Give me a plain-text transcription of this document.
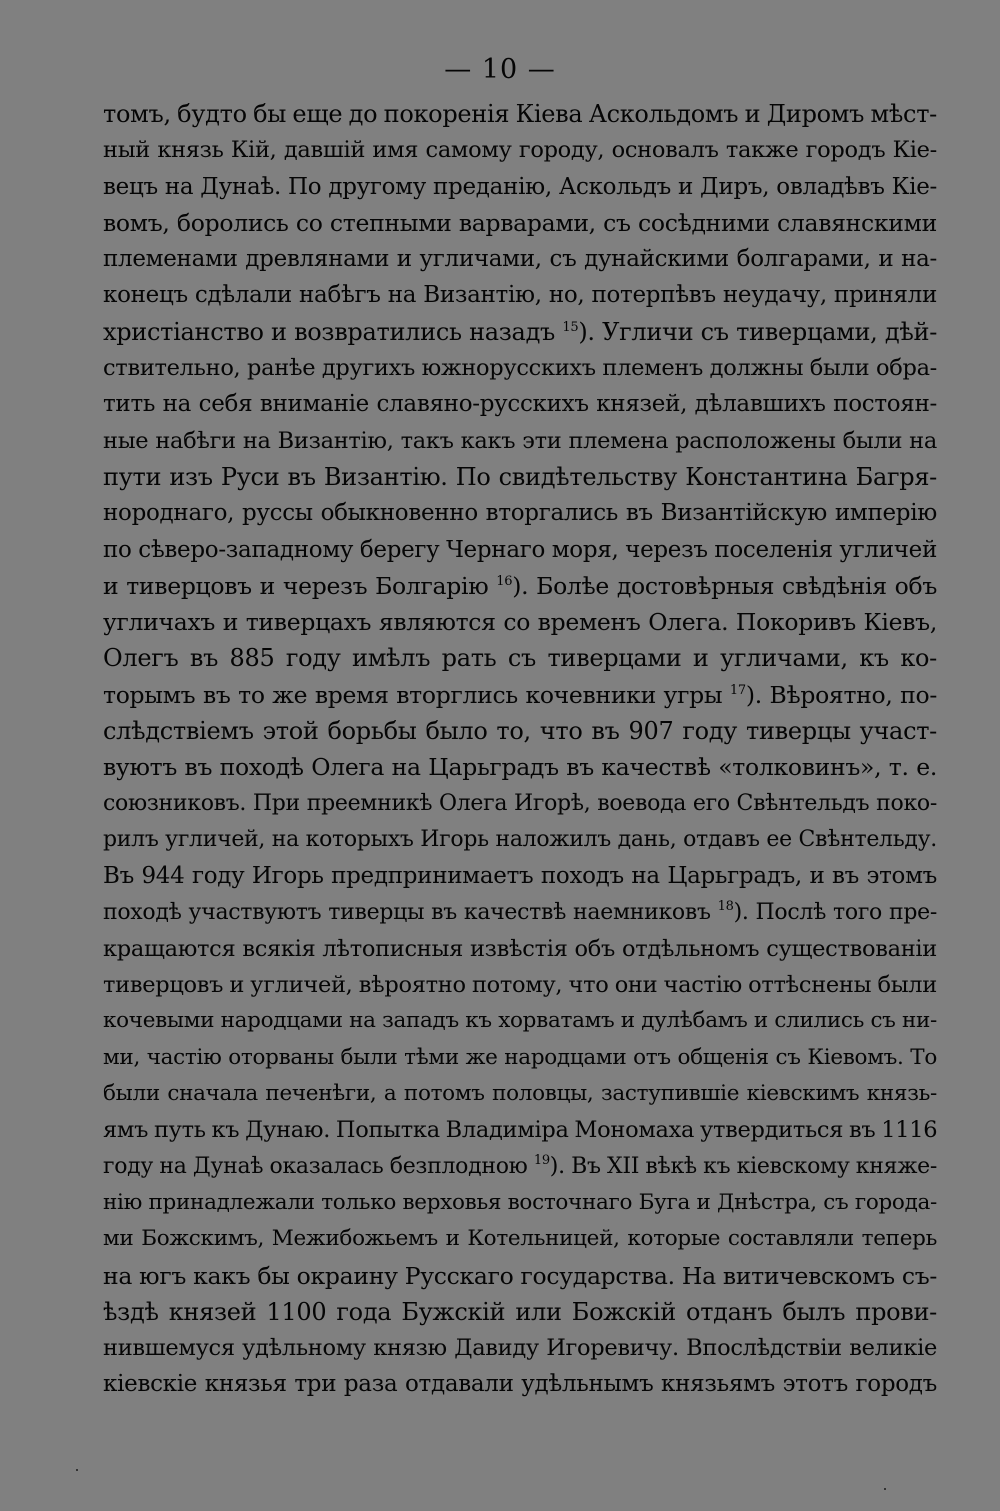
— 10 —
томъ, будто бы еще до покоренія Кіева Аскольдомъ и Диромъ мѣст-
ный князь Кій, давшій имя самому городу, основалъ также городъ Кіе-
вецъ на Дунаѣ. По другому преданію, Аскольдъ и Диръ, овладѣвъ Кіе-
вомъ, боролись со степными варварами, съ сосѣдними славянскими
племенами древлянами и угличами, съ дунайскими болгарами, и на-
конецъ сдѣлали набѣгъ на Византію, но, потерпѣвъ неудачу, приняли
христіанство и возвратились назадъ $^{15}$). Угличи съ тиверцами, дѣй-
ствительно, ранѣе другихъ южнорусскихъ племенъ должны были обра-
тить на себя вниманіе славяно-русскихъ князей, дѣлавшихъ постоян-
ные набѣги на Византію, такъ какъ эти племена расположены были на
пути изъ Руси въ Византію. По свидѣтельству Константина Багря-
нороднаго, руссы обыкновенно вторгались въ Византійскую имперію
по сѣверо-западному берегу Чернаго моря, черезъ поселенія угличей
и тиверцовъ и черезъ Болгарію $^{16}$). Болѣе достовѣрныя свѣдѣнія объ
угличахъ и тиверцахъ являются со временъ Олега. Покоривъ Кіевъ,
Олегъ въ 885 году имѣлъ рать съ тиверцами и угличами, къ ко-
торымъ въ то же время вторглись кочевники угры $^{17}$). Вѣроятно, по-
слѣдствіемъ этой борьбы было то, что въ 907 году тиверцы участ-
вуютъ въ походѣ Олега на Царьградъ въ качествѣ «толковинъ», т. е.
союзниковъ. При преемникѣ Олега Игорѣ, воевода его Свѣнтельдъ поко-
рилъ угличей, на которыхъ Игорь наложилъ дань, отдавъ ее Свѣнтельду.
Въ 944 году Игорь предпринимаетъ походъ на Царьградъ, и въ этомъ
походѣ участвуютъ тиверцы въ качествѣ наемниковъ $^{18}$). Послѣ того пре-
кращаются всякія лѣтописныя извѣстія объ отдѣльномъ существованіи
тиверцовъ и угличей, вѣроятно потому, что они частію оттѣснены были
кочевыми народцами на западъ къ хорватамъ и дулѣбамъ и слились съ ни-
ми, частію оторваны были тѣми же народцами отъ общенія съ Кіевомъ. То
были сначала печенѣги, а потомъ половцы, заступившіе кіевскимъ князь-
ямъ путь къ Дунаю. Попытка Владиміра Мономаха утвердиться въ 1116
году на Дунаѣ оказалась безплодною $^{19}$). Въ XII вѣкѣ къ кіевскому княже-
нію принадлежали только верховья восточнаго Буга и Днѣстра, съ города-
ми Божскимъ, Межибожьемъ и Котельницей, которые составляли теперь
на югъ какъ бы окраину Русскаго государства. На витичевскомъ съ-
ѣздѣ князей 1100 года Бужскій или Божскій отданъ былъ прови-
нившемуся удѣльному князю Давиду Игоревичу. Впослѣдствіи великіе
кіевскіе князья три раза отдавали удѣльнымъ князьямъ этотъ городъ
